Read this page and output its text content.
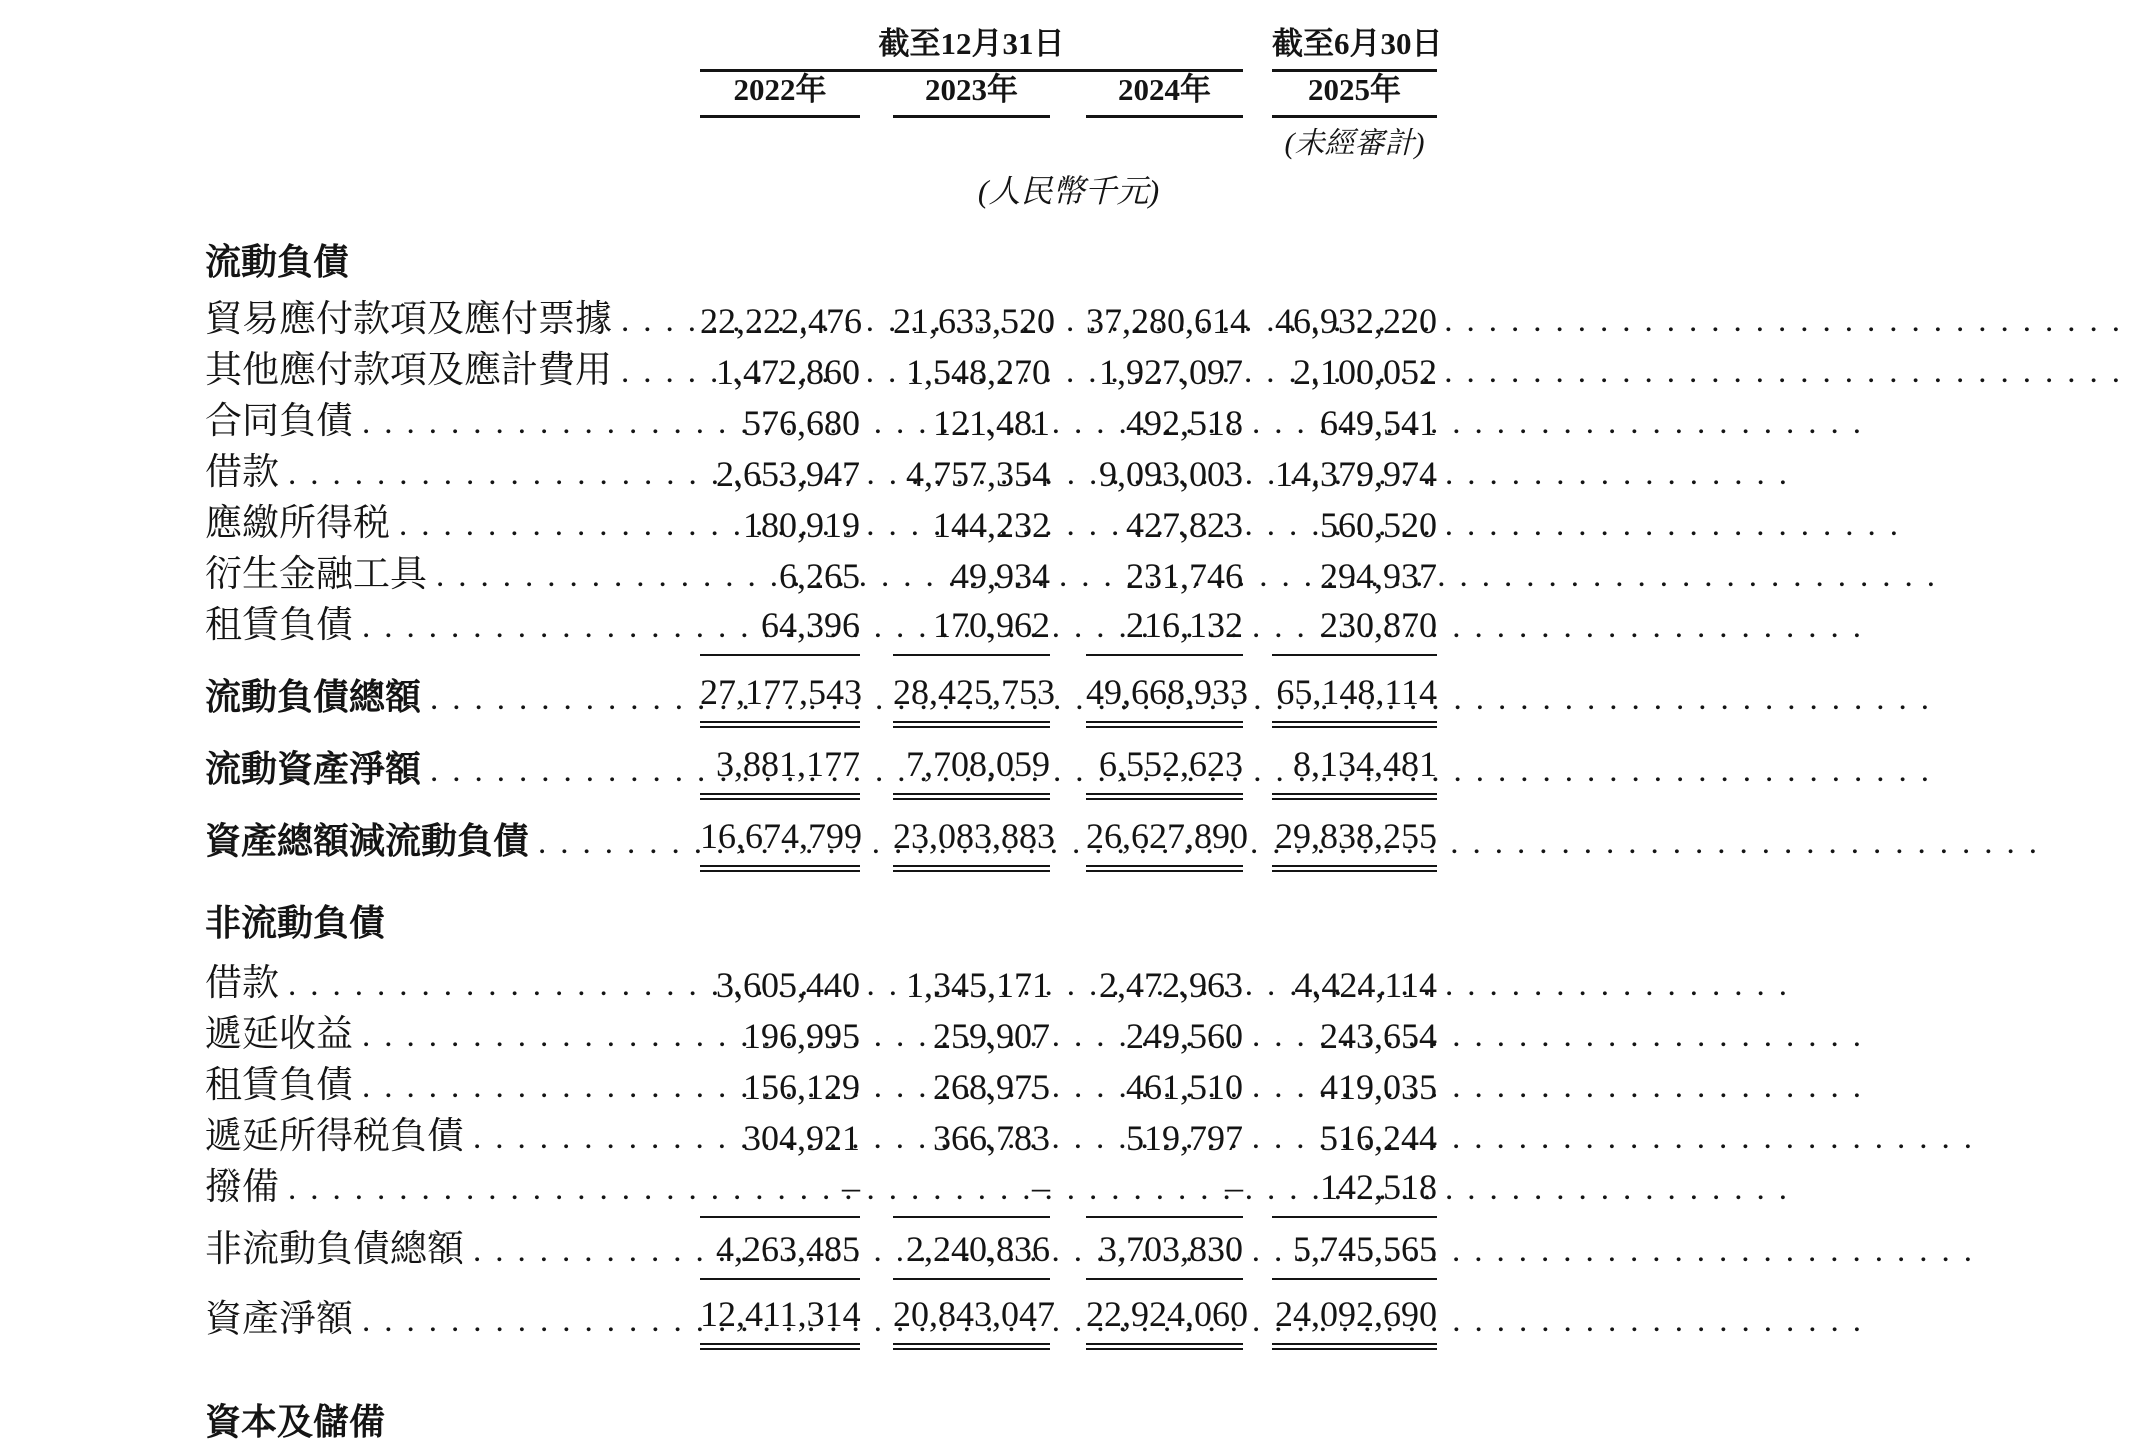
截至12月31日	截至6月30日
2022年	2023年	2024年	2025年
(未經審計)
(人民幣千元)
流動負債
貿易應付款項及應付票據 ..... 22,222,476 21,633,520 37,280,614 46,932,220
其他應付款項及應計費用 .....	1,472,860	1,548,270	1,927,097	2,100,052
合同負債 .....	576,680	121,481	492,518	649,541
借款 .....	2,653,947	4,757,354	9,093,003 14,379,974
應繳所得税 .....	180,919	144,232	427,823	560,520
衍生金融工具 .....	6,265	49,934	231,746	294,937
租賃負債 .....	64,396	170,962	216,132	230,870
流動負債總額 .....	27,177,543 28,425,753 49,668,933 65,148,114
流動資產淨額 .....	3,881,177	7,708,059	6,552,623	8,134,481
資產總額減流動負債 .....	16,674,799 23,083,883 26,627,890 29,838,255
非流動負債
借款 .....	3,605,440	1,345,171	2,472,963	4,424,114
遞延收益 .....	196,995	259,907	249,560	243,654
租賃負債 .....	156,129	268,975	461,510	419,035
遞延所得税負債 .....	304,921	366,783	519,797	516,244
撥備 .....	–	–	–	142,518
非流動負債總額 .....	4,263,485	2,240,836	3,703,830	5,745,565
資產淨額 .....	12,411,314 20,843,047 22,924,060 24,092,690
資本及儲備
